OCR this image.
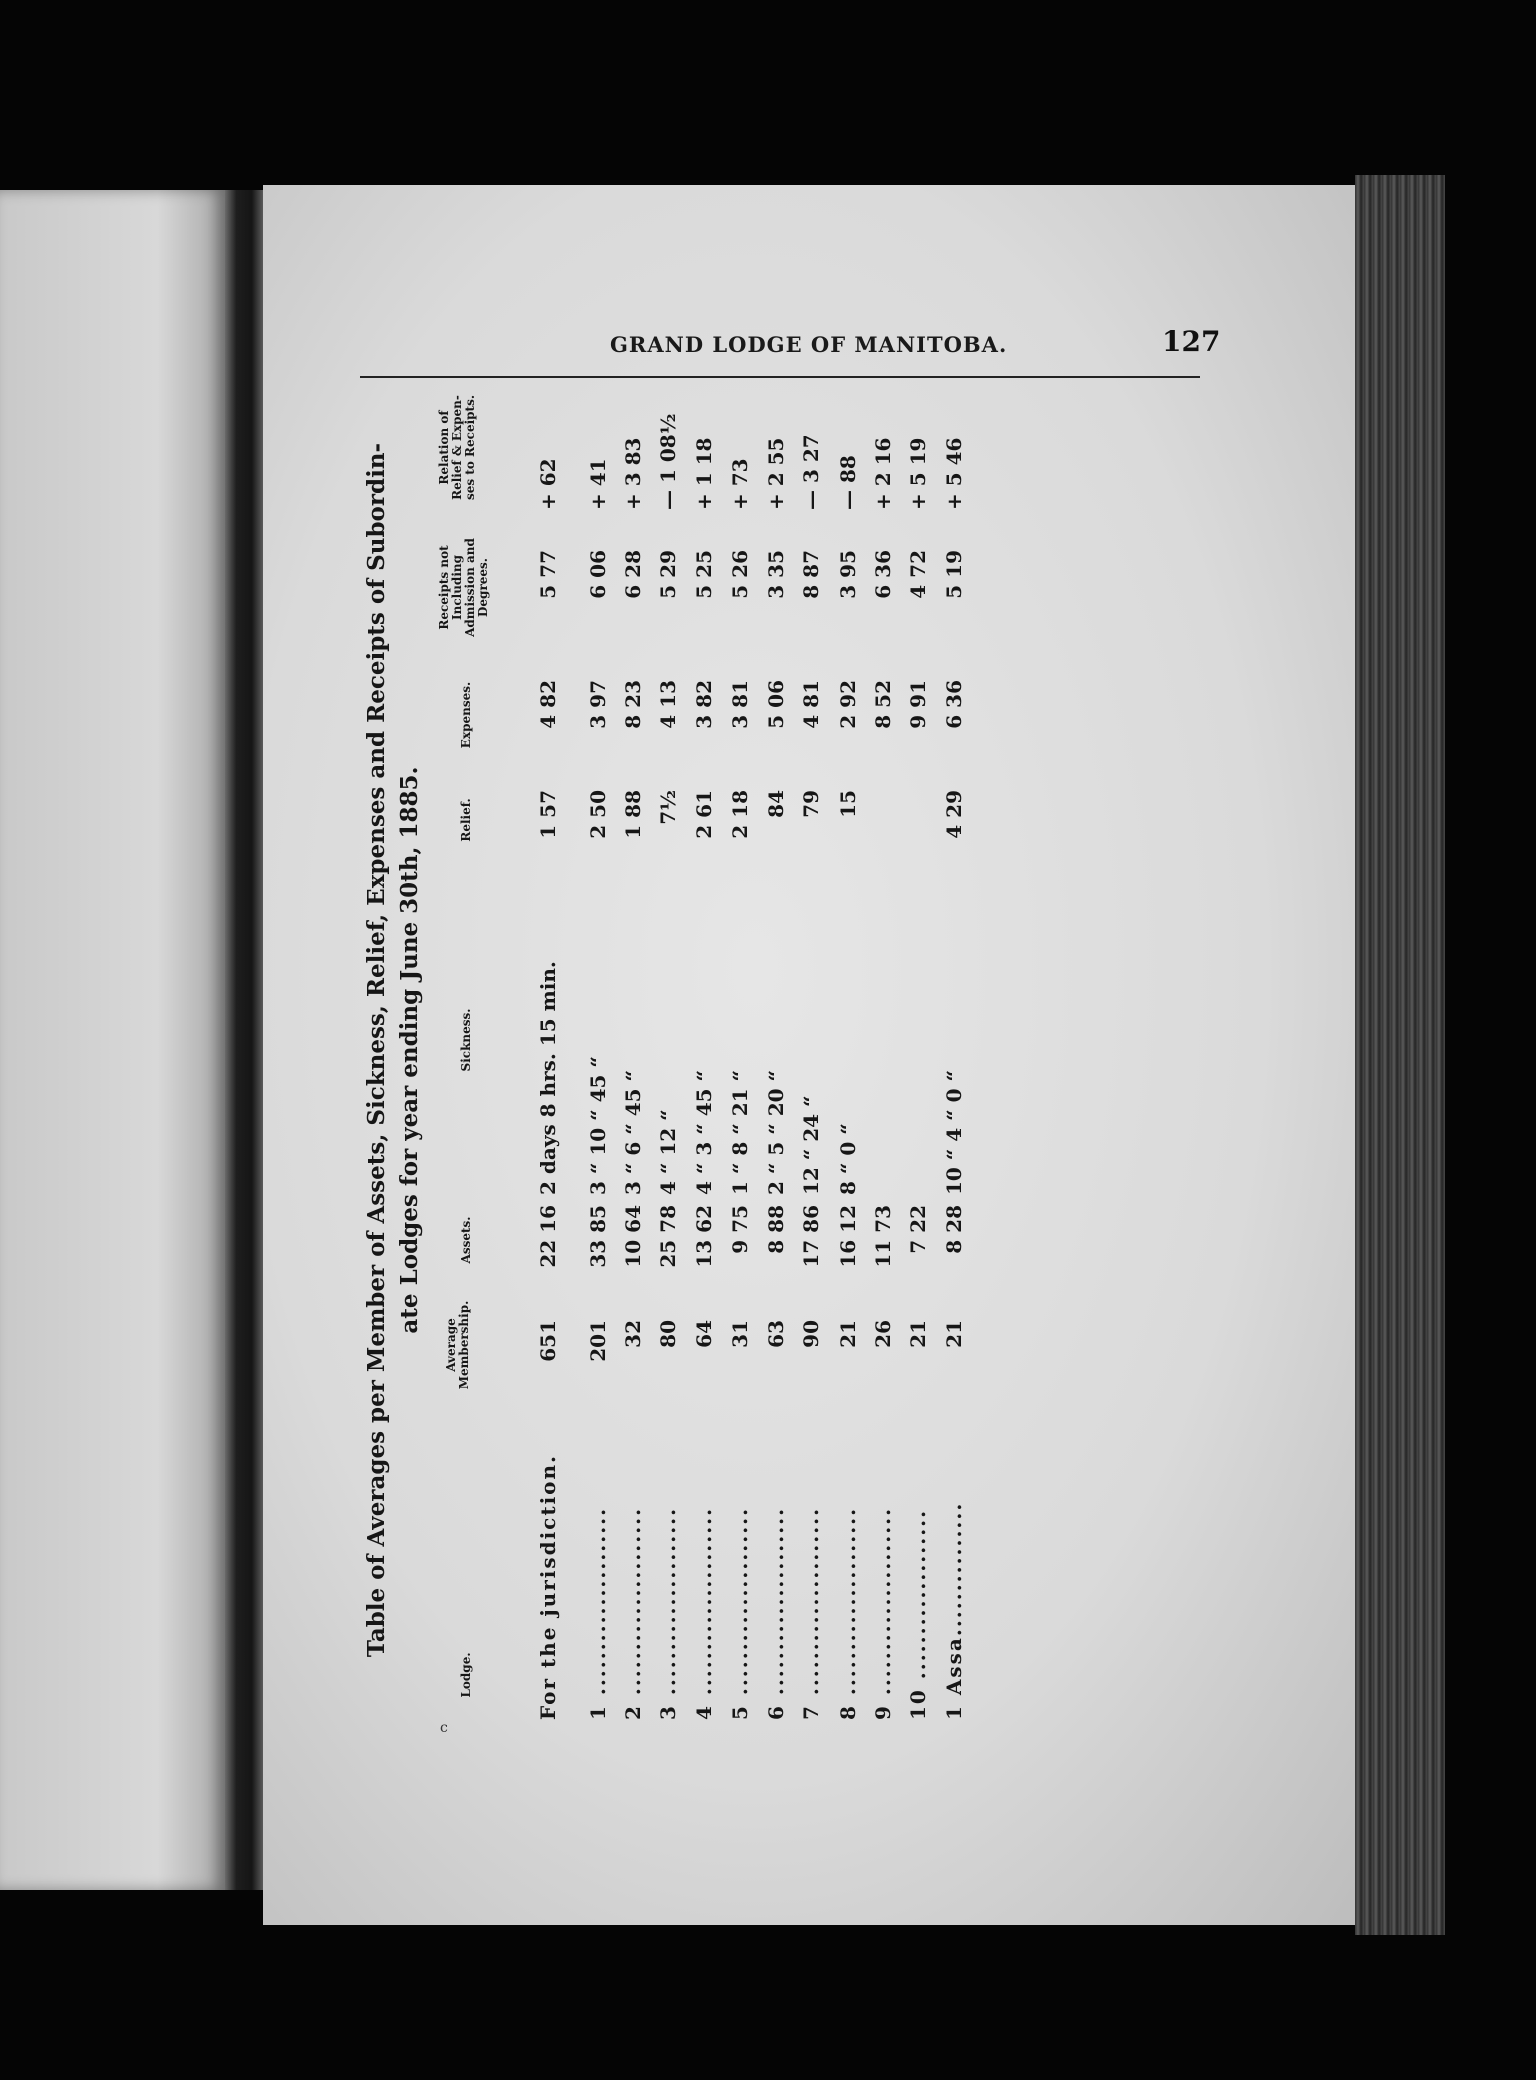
GRAND LODGE OF MANITOBA.	127
Table of Averages per Member of Assets, Sickness, Relief, Expenses and Receipts of Subordin- ate Lodges for year ending June 30th, 1885.
Lodge.
Average Membership.
Assets.
Sickness.
Relief.
Expenses.
Receipts not Including Admission and Degrees.
Relation of Relief & Expen- ses to Receipts.
For the jurisdiction.
651
22 16
2 days 8 hrs. 15 min.
1 57
4 82
5 77
+ 62
1 .....................
201
33 85
3 “ 10 “ 45 “
2 50
3 97
6 06
+ 41
2 .....................
32
10 64
3 “ 6 “ 45 “
1 88
8 23
6 28
+ 3 83
3 .....................
80
25 78
4 “ 12 “
7½
4 13
5 29
— 1 08½
4 .....................
64
13 62
4 “ 3 “ 45 “
2 61
3 82
5 25
+ 1 18
5 .....................
31
9 75
1 “ 8 “ 21 “
2 18
3 81
5 26
+ 73
6 .....................
63
8 88
2 “ 5 “ 20 “
84
5 06
3 35
+ 2 55
7 .....................
90
17 86
12 “ 24 “
79
4 81
8 87
— 3 27
8 .....................
21
16 12
8 “ 0 “
15
2 92
3 95
— 88
9 .....................
26
11 73
8 52
6 36
+ 2 16
10 ...................
21
7 22
9 91
4 72
+ 5 19
1 Assa...............
21
8 28
10 “ 4 “ 0 “
4 29
6 36
5 19
+ 5 46
c
